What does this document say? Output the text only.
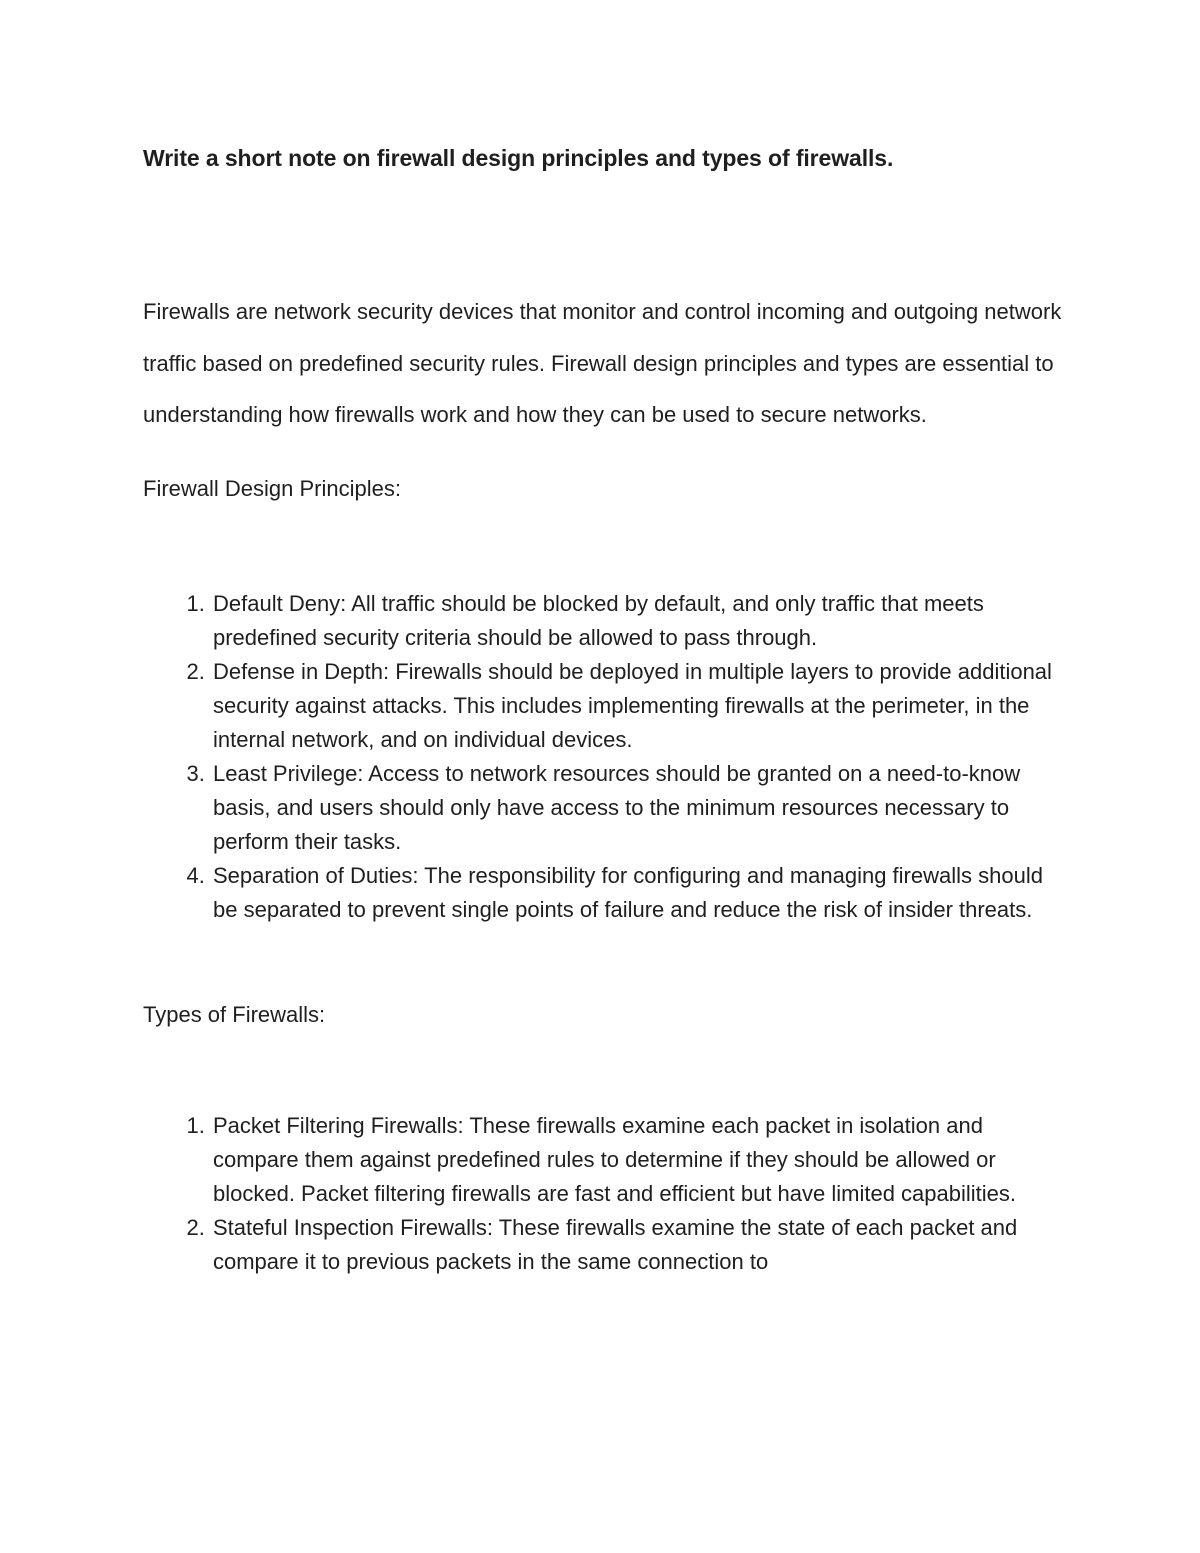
Write a short note on firewall design principles and types of firewalls.

Firewalls are network security devices that monitor and control incoming and outgoing network traffic based on predefined security rules. Firewall design principles and types are essential to understanding how firewalls work and how they can be used to secure networks.

Firewall Design Principles:

1. Default Deny: All traffic should be blocked by default, and only traffic that meets predefined security criteria should be allowed to pass through.
2. Defense in Depth: Firewalls should be deployed in multiple layers to provide additional security against attacks. This includes implementing firewalls at the perimeter, in the internal network, and on individual devices.
3. Least Privilege: Access to network resources should be granted on a need-to-know basis, and users should only have access to the minimum resources necessary to perform their tasks.
4. Separation of Duties: The responsibility for configuring and managing firewalls should be separated to prevent single points of failure and reduce the risk of insider threats.

Types of Firewalls:

1. Packet Filtering Firewalls: These firewalls examine each packet in isolation and compare them against predefined rules to determine if they should be allowed or blocked. Packet filtering firewalls are fast and efficient but have limited capabilities.
2. Stateful Inspection Firewalls: These firewalls examine the state of each packet and compare it to previous packets in the same connection to
